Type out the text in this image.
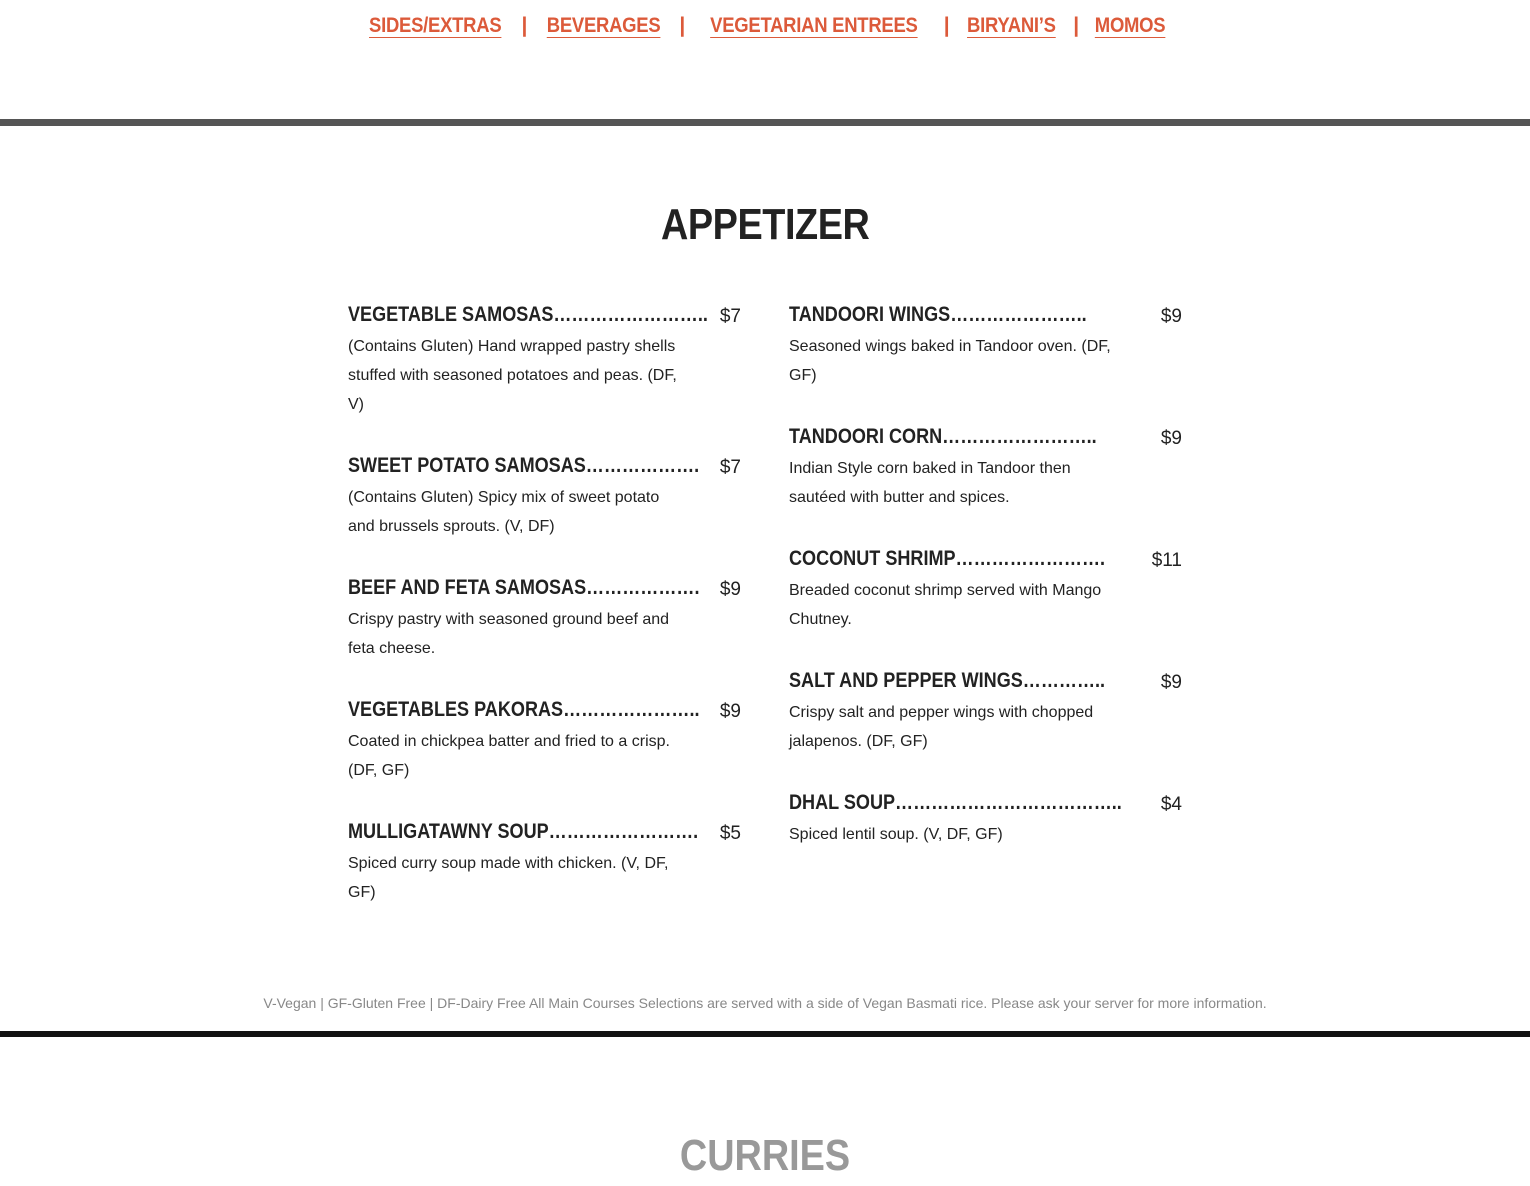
SIDES/EXTRAS | BEVERAGES | VEGETARIAN ENTREES | BIRYANI’S | MOMOS
APPETIZER
VEGETABLE SAMOSAS…………………….. $7
(Contains Gluten) Hand wrapped pastry shells stuffed with seasoned potatoes and peas. (DF, V)
SWEET POTATO SAMOSAS………………. $7
(Contains Gluten) Spicy mix of sweet potato and brussels sprouts. (V, DF)
BEEF AND FETA SAMOSAS………………. $9
Crispy pastry with seasoned ground beef and feta cheese.
VEGETABLES PAKORAS………………….. $9
Coated in chickpea batter and fried to a crisp. (DF, GF)
MULLIGATAWNY SOUP……………………. $5
Spiced curry soup made with chicken. (V, DF, GF)
TANDOORI WINGS…………………..	$9
Seasoned wings baked in Tandoor oven. (DF, GF)
TANDOORI CORN……………………..	$9
Indian Style corn baked in Tandoor then sautéed with butter and spices.
COCONUT SHRIMP……………………. $11
Breaded coconut shrimp served with Mango Chutney.
SALT AND PEPPER WINGS…………..	$9
Crispy salt and pepper wings with chopped jalapenos. (DF, GF)
DHAL SOUP……………………………….. $4
Spiced lentil soup. (V, DF, GF)
V-Vegan | GF-Gluten Free | DF-Dairy Free All Main Courses Selections are served with a side of Vegan Basmati rice. Please ask your server for more information.
CURRIES
